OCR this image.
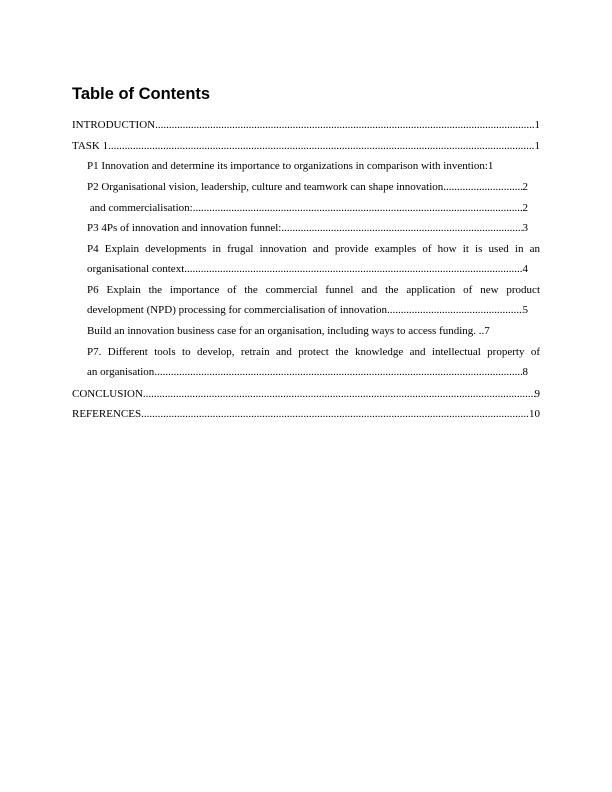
Table of Contents
INTRODUCTION .....	1
TASK 1 .....	1
P1 Innovation and determine its importance to organizations in comparison with invention: 1
P2 Organisational vision, leadership, culture and teamwork can shape innovation .....	2
and commercialisation: .....	2
P3 4Ps of innovation and innovation funnel: .....	3
P4 Explain developments in frugal innovation and provide examples of how it is used in an
organisational context .....	4
P6 Explain the importance of the commercial funnel and the application of new product
development (NPD) processing for commercialisation of innovation .....	5
Build an innovation business case for an organisation, including ways to access funding. .. 7
P7. Different tools to develop, retrain and protect the knowledge and intellectual property of
an organisation .....	8
CONCLUSION .....	9
REFERENCES .....	10
